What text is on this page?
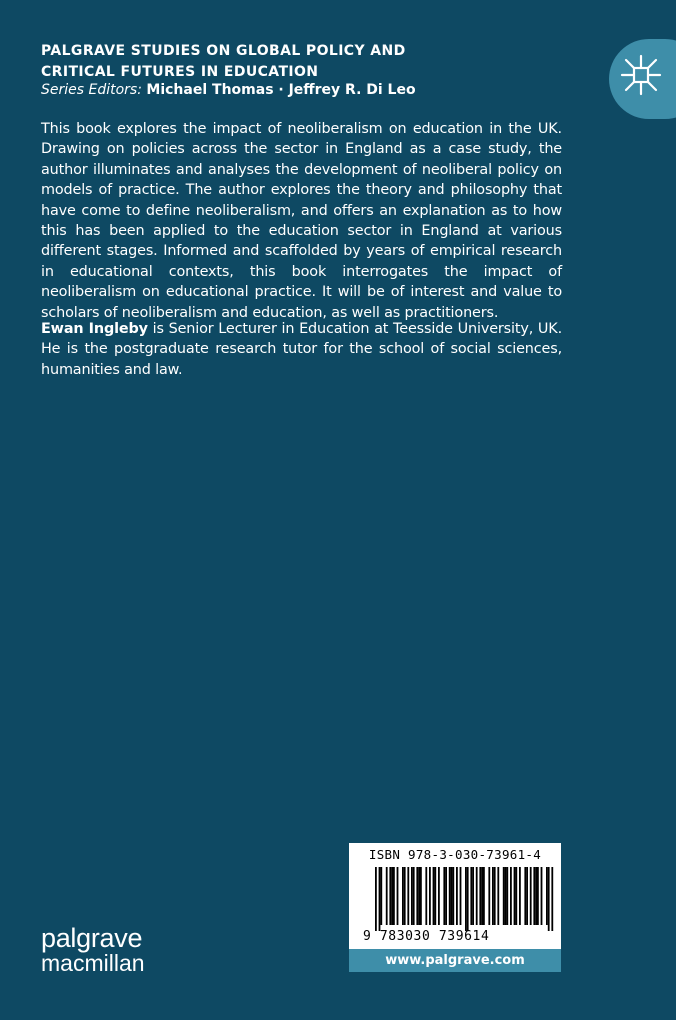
PALGRAVE STUDIES ON GLOBAL POLICY AND
CRITICAL FUTURES IN EDUCATION
Series Editors: Michael Thomas · Jeffrey R. Di Leo

This book explores the impact of neoliberalism on education in the UK. Drawing on policies across the sector in England as a case study, the author illuminates and analyses the development of neoliberal policy on models of practice. The author explores the theory and philosophy that have come to define neoliberalism, and offers an explanation as to how this has been applied to the education sector in England at various different stages. Informed and scaffolded by years of empirical research in educational contexts, this book interrogates the impact of neoliberalism on educational practice. It will be of interest and value to scholars of neoliberalism and education, as well as practitioners.

Ewan Ingleby is Senior Lecturer in Education at Teesside University, UK. He is the postgraduate research tutor for the school of social sciences, humanities and law.

ISBN 978-3-030-73961-4
9 783030 739614
www.palgrave.com
palgrave
macmillan
